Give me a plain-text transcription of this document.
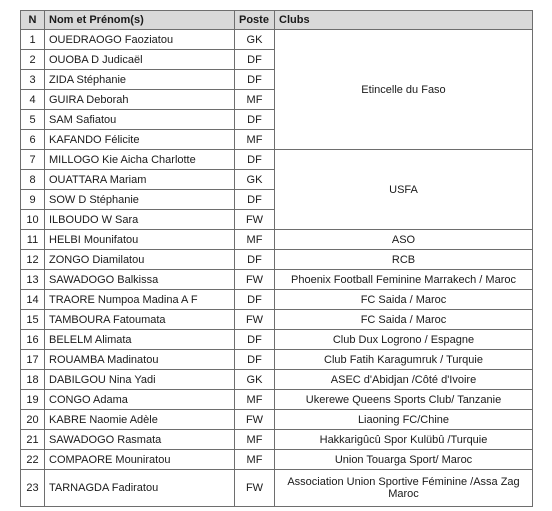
N	Nom et Prénom(s)	Poste	Clubs
1	OUEDRAOGO Faoziatou	GK	Etincelle du Faso
2	OUOBA D Judicaël	DF	
3	ZIDA Stéphanie	DF	
4	GUIRA Deborah	MF	
5	SAM Safiatou	DF	
6	KAFANDO Félicite	MF	
7	MILLOGO Kie Aicha Charlotte	DF	USFA
8	OUATTARA Mariam	GK	
9	SOW D Stéphanie	DF	
10	ILBOUDO W Sara	FW	
11	HELBI Mounifatou	MF	ASO
12	ZONGO Diamilatou	DF	RCB
13	SAWADOGO Balkissa	FW	Phoenix Football Feminine Marrakech / Maroc
14	TRAORE Numpoa Madina A F	DF	FC Saida / Maroc
15	TAMBOURA Fatoumata	FW	FC Saida / Maroc
16	BELELM Alimata	DF	Club Dux Logrono / Espagne
17	ROUAMBA Madinatou	DF	Club Fatih Karagumruk / Turquie
18	DABILGOU Nina Yadi	GK	ASEC d'Abidjan /Côté d'Ivoire
19	CONGO Adama	MF	Ukerewe Queens Sports Club/ Tanzanie
20	KABRE Naomie Adèle	FW	Liaoning FC/Chine
21	SAWADOGO Rasmata	MF	Hakkarigûcû Spor Kulübû /Turquie
22	COMPAORE Mouniratou	MF	Union Touarga Sport/ Maroc
23	TARNAGDA Fadiratou	FW	Association Union Sportive Féminine /Assa Zag Maroc
